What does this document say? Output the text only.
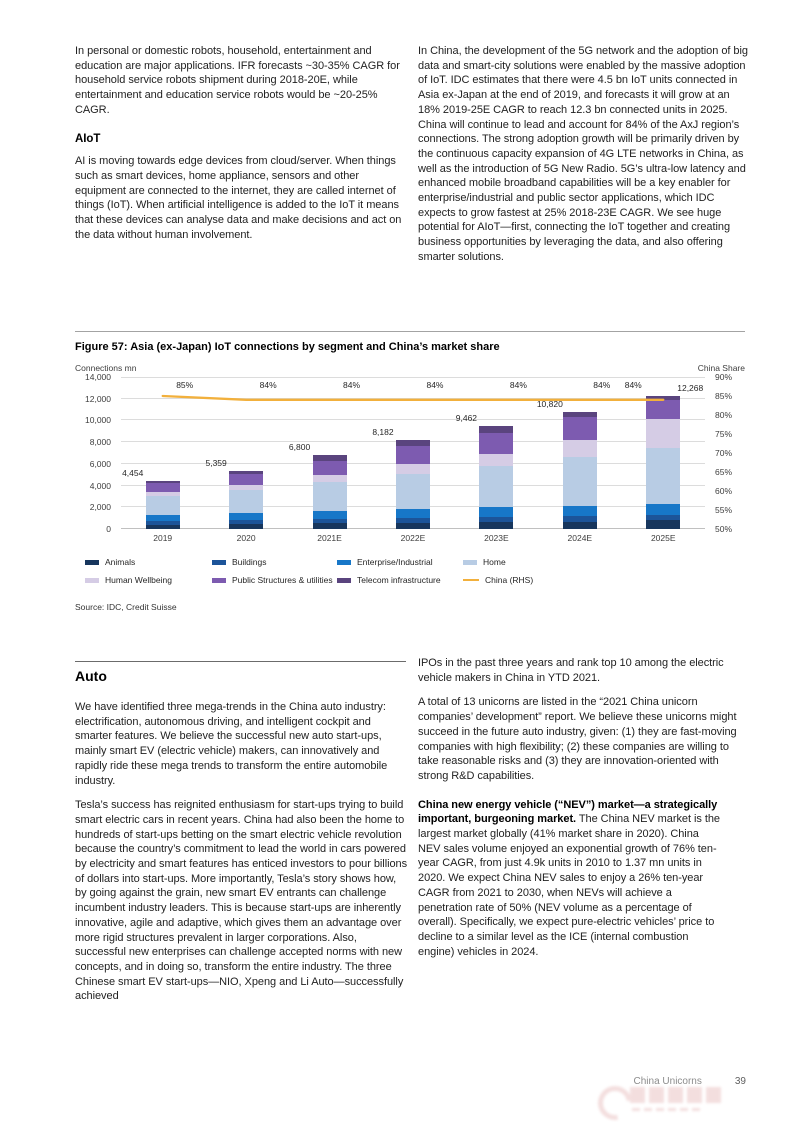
In personal or domestic robots, household, entertainment and education are major applications. IFR forecasts ~30-35% CAGR for household service robots shipment during 2018-20E, while entertainment and education service robots would be ~20-25% CAGR.

AIoT

AI is moving towards edge devices from cloud/server. When things such as smart devices, home appliance, sensors and other equipment are connected to the internet, they are called internet of things (IoT). When artificial intelligence is added to the IoT it means that these devices can analyse data and make decisions and act on the data without human involvement.

In China, the development of the 5G network and the adoption of big data and smart-city solutions were enabled by the massive adoption of IoT. IDC estimates that there were 4.5 bn IoT units connected in Asia ex-Japan at the end of 2019, and forecasts it will grow at an 18% 2019-25E CAGR to reach 12.3 bn connected units in 2025. China will continue to lead and account for 84% of the AxJ region’s connections. The strong adoption growth will be primarily driven by the continuous capacity expansion of 4G LTE networks in China, as well as the introduction of 5G New Radio. 5G’s ultra-low latency and enhanced mobile broadband capabilities will be a key enabler for enterprise/industrial and public sector applications, which IDC expects to grow fastest at 25% 2018-23E CAGR. We see huge potential for AIoT—first, connecting the IoT together and creating business opportunities by leveraging the data, and also offering smarter solutions.

Figure 57: Asia (ex-Japan) IoT connections by segment and China’s market share
Connections mn	China Share
14,000
12,000
10,000
8,000
6,000
4,000
2,000
0
4,454
85%
5,359
84%
6,800
84%
8,182
84%
9,462
84%
10,820
84%	12,268
84%
90%
85%
80%
75%
70%
65%
60%
55%
50%
2019	2020	2021E	2022E	2023E	2024E	2025E
Animals	Buildings	Enterprise/Industrial	Home
Human Wellbeing	Public Structures & utilities	Telecom infrastructure	China (RHS)
Source: IDC, Credit Suisse
Auto

We have identified three mega-trends in the China auto industry: electrification, autonomous driving, and intelligent cockpit and smarter features. We believe the successful new auto start-ups, mainly smart EV (electric vehicle) makers, can innovatively and rapidly ride these mega trends to transform the entire automobile industry.

Tesla’s success has reignited enthusiasm for start-ups trying to build smart electric cars in recent years. China had also been the home to hundreds of start-ups betting on the smart electric vehicle revolution because the country’s commitment to lead the world in cars powered by electricity and smart features has enticed investors to pour billions of dollars into start-ups. More importantly, Tesla’s story shows how, by going against the grain, new smart EV entrants can challenge incumbent industry leaders. This is because start-ups are inherently innovative, agile and adaptive, which gives them an advantage over more rigid structures prevalent in larger corporations. Also, successful new enterprises can challenge accepted norms with new concepts, and in doing so, transform the entire industry. The three Chinese smart EV start-ups—NIO, Xpeng and Li Auto—successfully achieved

IPOs in the past three years and rank top 10 among the electric vehicle makers in China in YTD 2021.

A total of 13 unicorns are listed in the “2021 China unicorn companies’ development” report. We believe these unicorns might succeed in the future auto industry, given: (1) they are fast-moving companies with high flexibility; (2) these companies are willing to take reasonable risks and (3) they are innovation-oriented with strong R&D capabilities.

China new energy vehicle (“NEV”) market—a strategically important, burgeoning market. The China NEV market is the largest market globally (41% market share in 2020). China NEV sales volume enjoyed an exponential growth of 76% ten-year CAGR, from just 4.9k units in 2010 to 1.37 mn units in 2020. We expect China NEV sales to enjoy a 26% ten-year CAGR from 2021 to 2030, when NEVs will achieve a penetration rate of 50% (NEV volume as a percentage of overall). Specifically, we expect pure-electric vehicles’ price to decline to a similar level as the ICE (internal combustion engine) vehicles in 2024.

China Unicorns	39
